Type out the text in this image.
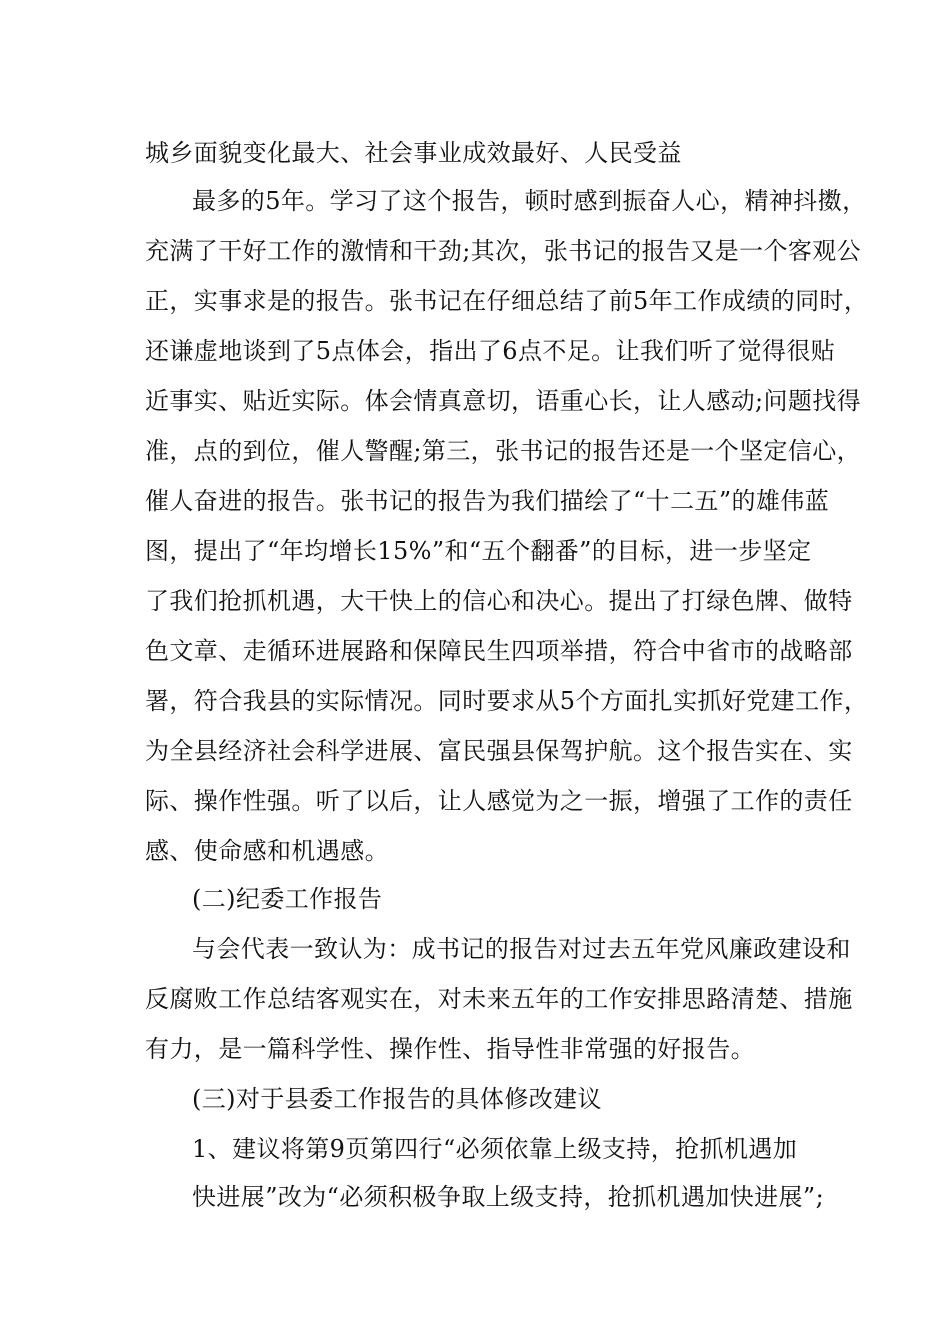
城乡面貌变化最大、社会事业成效最好、人民受益
最多的5年。学习了这个报告，顿时感到振奋人心，精神抖擞，
充满了干好工作的激情和干劲;其次，张书记的报告又是一个客观公
正，实事求是的报告。张书记在仔细总结了前5年工作成绩的同时，
还谦虚地谈到了5点体会，指出了6点不足。让我们听了觉得很贴
近事实、贴近实际。体会情真意切，语重心长，让人感动;问题找得
准，点的到位，催人警醒;第三，张书记的报告还是一个坚定信心，
催人奋进的报告。张书记的报告为我们描绘了“十二五”的雄伟蓝
图，提出了“年均增长15%”和“五个翻番”的目标，进一步坚定
了我们抢抓机遇，大干快上的信心和决心。提出了打绿色牌、做特
色文章、走循环进展路和保障民生四项举措，符合中省市的战略部
署，符合我县的实际情况。同时要求从5个方面扎实抓好党建工作，
为全县经济社会科学进展、富民强县保驾护航。这个报告实在、实
际、操作性强。听了以后，让人感觉为之一振，增强了工作的责任
感、使命感和机遇感。
(二)纪委工作报告
与会代表一致认为：成书记的报告对过去五年党风廉政建设和
反腐败工作总结客观实在，对未来五年的工作安排思路清楚、措施
有力，是一篇科学性、操作性、指导性非常强的好报告。
(三)对于县委工作报告的具体修改建议
1、建议将第9页第四行“必须依靠上级支持，抢抓机遇加
快进展”改为“必须积极争取上级支持，抢抓机遇加快进展”;
